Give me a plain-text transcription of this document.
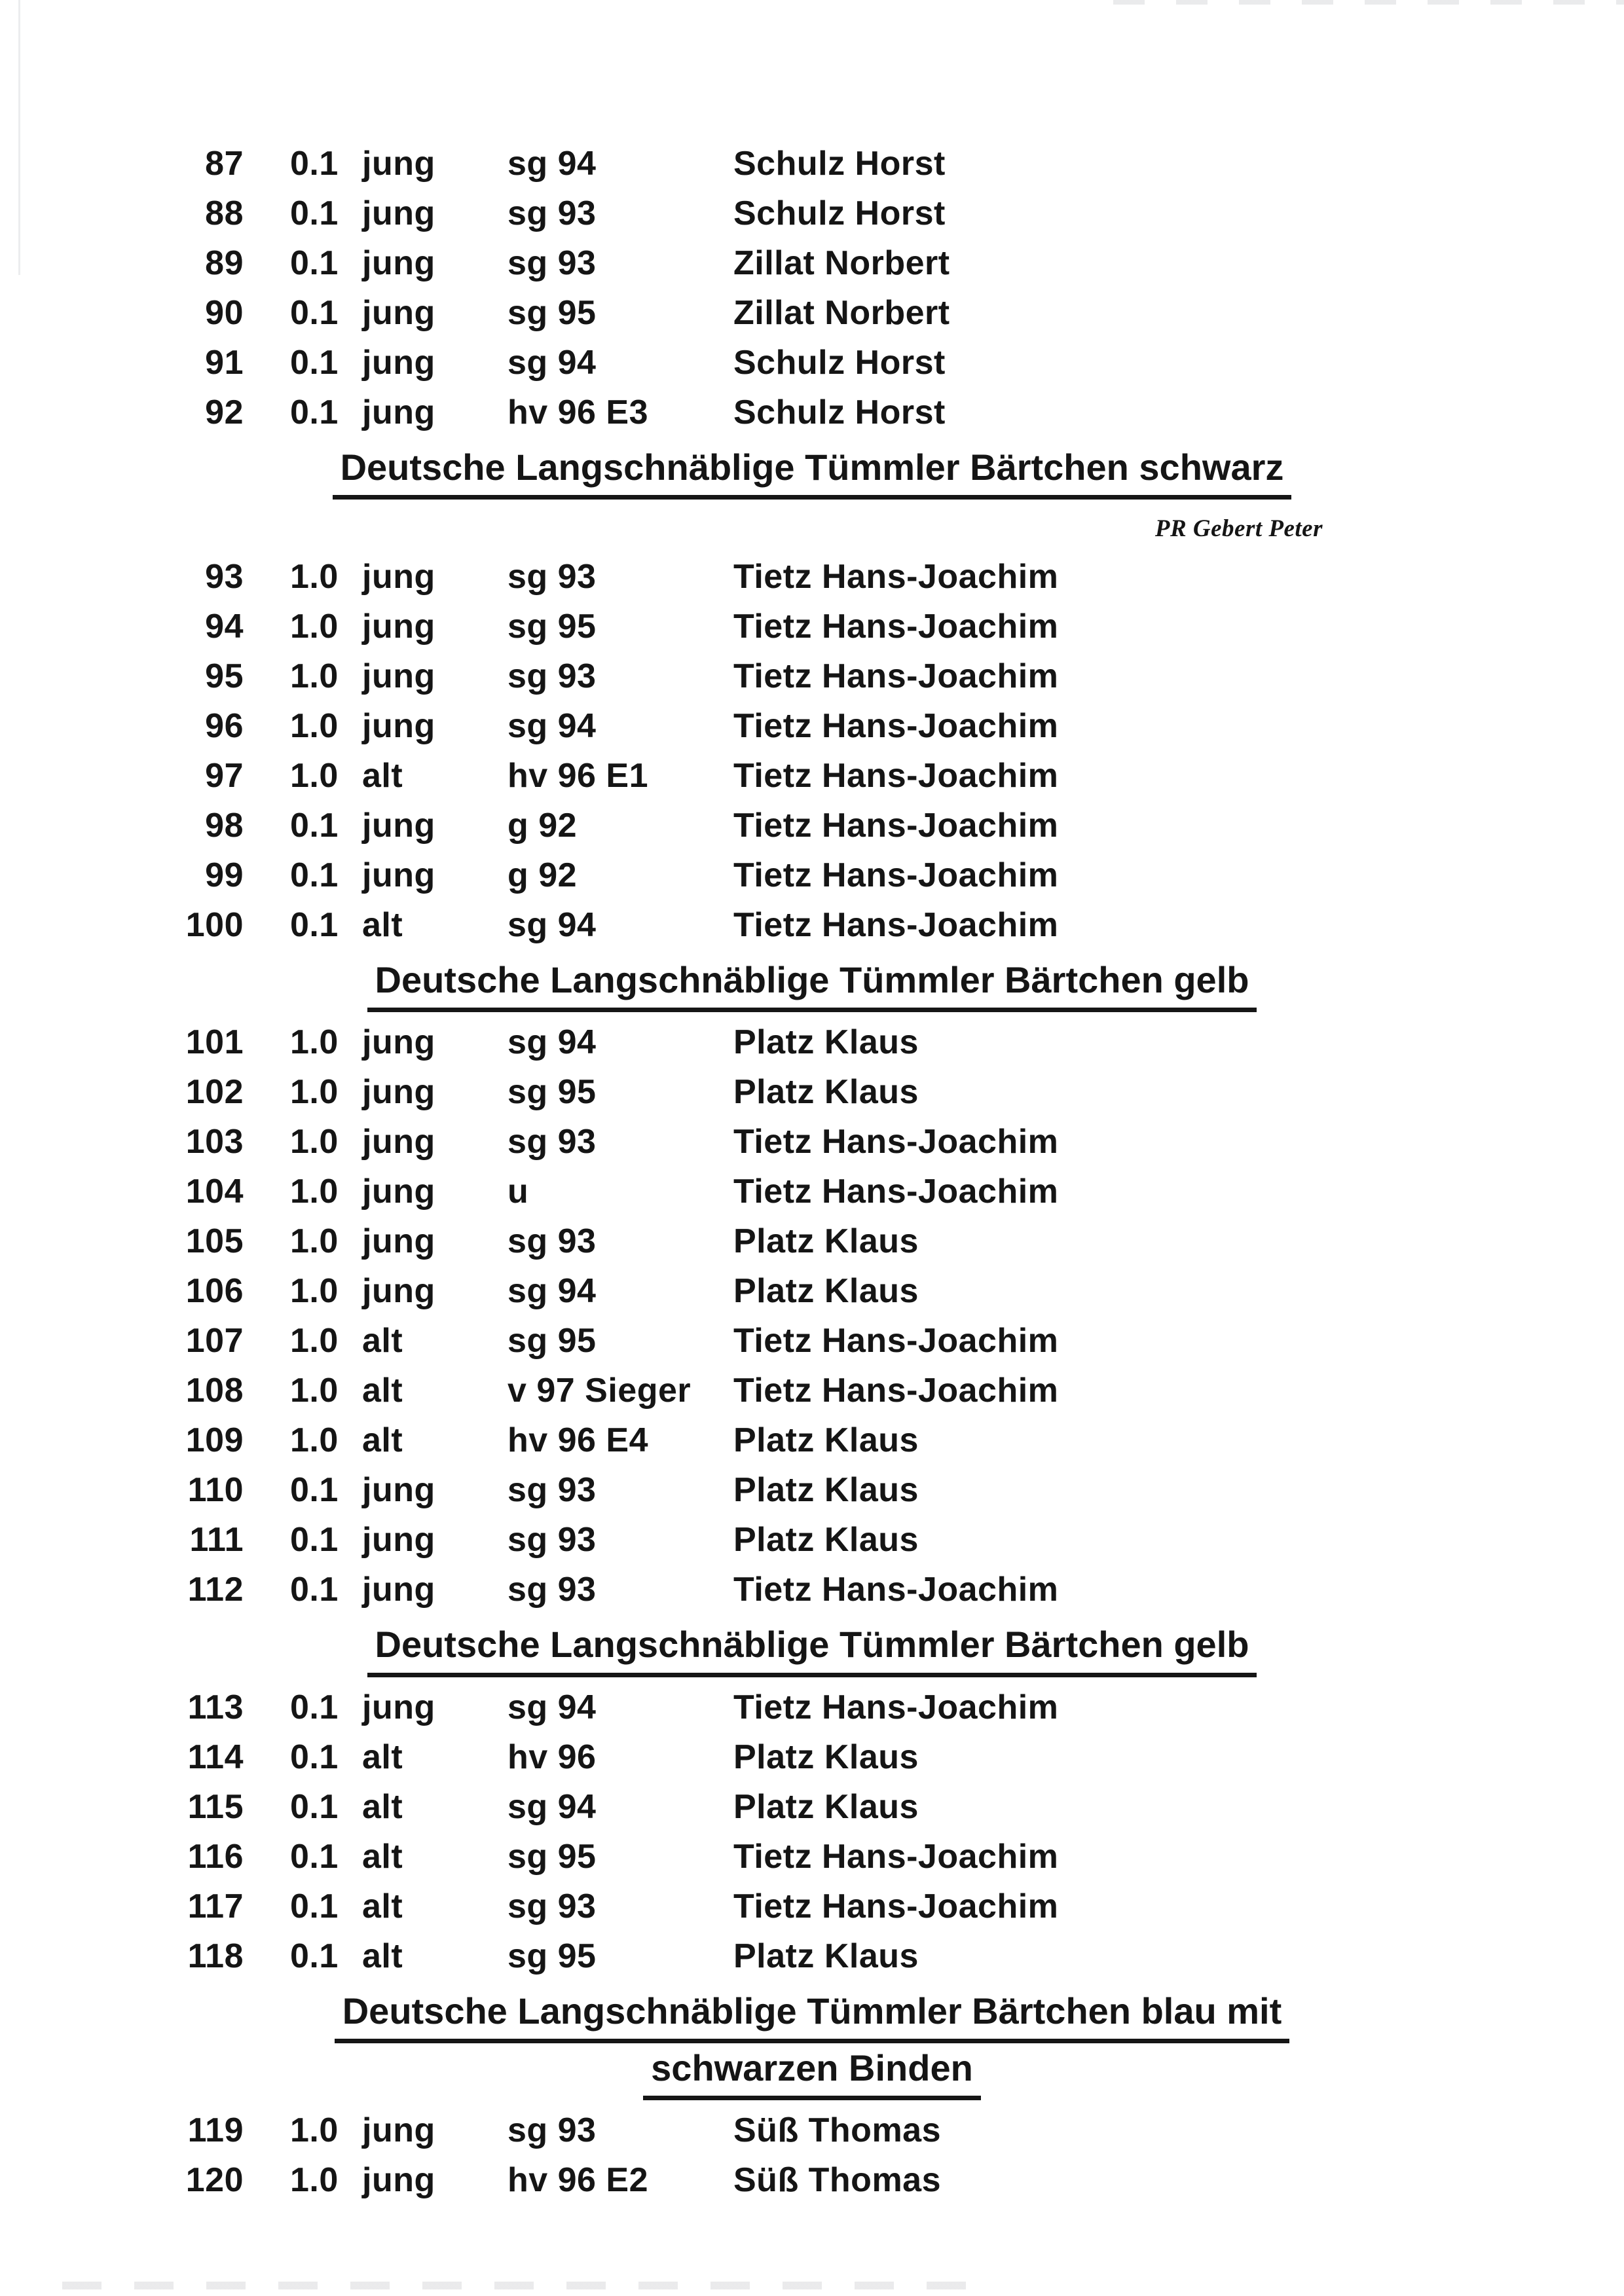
87 0.1 jung	sg 94	Schulz Horst
88 0.1 jung	sg 93	Schulz Horst
89 0.1 jung	sg 93	Zillat Norbert
90 0.1 jung	sg 95	Zillat Norbert
91 0.1 jung	sg 94	Schulz Horst
92 0.1 jung	hv 96 E3	Schulz Horst
Deutsche Langschnäblige Tümmler Bärtchen schwarz
PR Gebert Peter
93 1.0 jung	sg 93	Tietz Hans-Joachim
94 1.0 jung	sg 95	Tietz Hans-Joachim
95 1.0 jung	sg 93	Tietz Hans-Joachim
96 1.0 jung	sg 94	Tietz Hans-Joachim
97 1.0 alt	hv 96 E1	Tietz Hans-Joachim
98 0.1 jung	g 92	Tietz Hans-Joachim
99 0.1 jung	g 92	Tietz Hans-Joachim
100 0.1 alt	sg 94	Tietz Hans-Joachim
Deutsche Langschnäblige Tümmler Bärtchen gelb
101 1.0 jung	sg 94	Platz Klaus
102 1.0 jung	sg 95	Platz Klaus
103 1.0 jung	sg 93	Tietz Hans-Joachim
104 1.0 jung	u	Tietz Hans-Joachim
105 1.0 jung	sg 93	Platz Klaus
106 1.0 jung	sg 94	Platz Klaus
107 1.0 alt	sg 95	Tietz Hans-Joachim
108 1.0 alt	v 97 Sieger	Tietz Hans-Joachim
109 1.0 alt	hv 96 E4	Platz Klaus
110 0.1 jung	sg 93	Platz Klaus
111 0.1 jung	sg 93	Platz Klaus
112 0.1 jung	sg 93	Tietz Hans-Joachim
Deutsche Langschnäblige Tümmler Bärtchen gelb
113 0.1 jung	sg 94	Tietz Hans-Joachim
114 0.1 alt	hv 96	Platz Klaus
115 0.1 alt	sg 94	Platz Klaus
116 0.1 alt	sg 95	Tietz Hans-Joachim
117 0.1 alt	sg 93	Tietz Hans-Joachim
118 0.1 alt	sg 95	Platz Klaus
Deutsche Langschnäblige Tümmler Bärtchen blau mit
schwarzen Binden
119 1.0 jung	sg 93	Süß Thomas
120 1.0 jung	hv 96 E2	Süß Thomas
